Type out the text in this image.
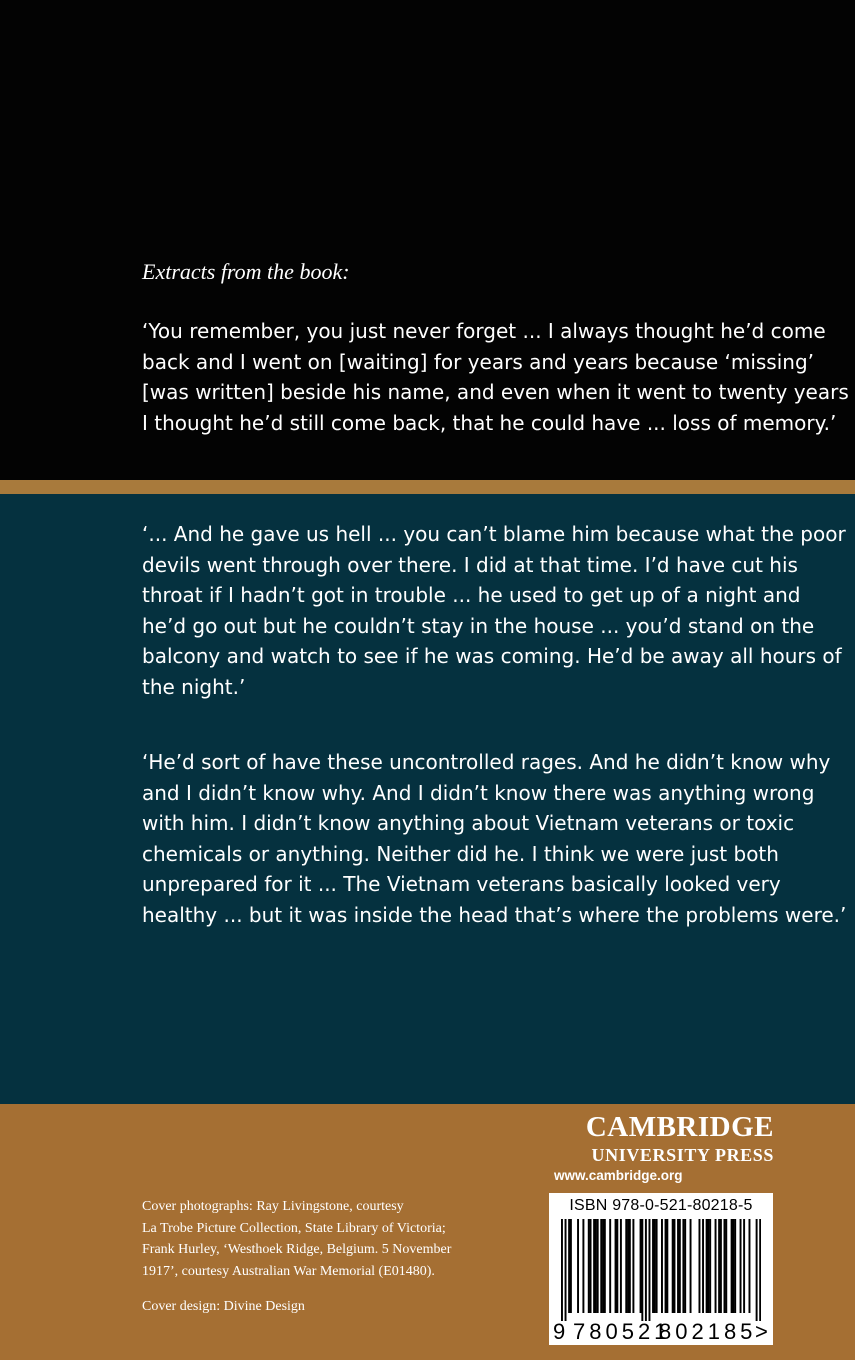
Extracts from the book:
‘You remember, you just never forget ... I always thought he’d come
back and I went on [waiting] for years and years because ‘missing’
[was written] beside his name, and even when it went to twenty years
I thought he’d still come back, that he could have ... loss of memory.’
‘... And he gave us hell ... you can’t blame him because what the poor
devils went through over there. I did at that time. I’d have cut his
throat if I hadn’t got in trouble ... he used to get up of a night and
he’d go out but he couldn’t stay in the house ... you’d stand on the
balcony and watch to see if he was coming. He’d be away all hours of
the night.’
‘He’d sort of have these uncontrolled rages. And he didn’t know why
and I didn’t know why. And I didn’t know there was anything wrong
with him. I didn’t know anything about Vietnam veterans or toxic
chemicals or anything. Neither did he. I think we were just both
unprepared for it ... The Vietnam veterans basically looked very
healthy ... but it was inside the head that’s where the problems were.’
Cover photographs: Ray Livingstone, courtesy
La Trobe Picture Collection, State Library of Victoria;
Frank Hurley, ‘Westhoek Ridge, Belgium. 5 November
1917’, courtesy Australian War Memorial (E01480).
Cover design: Divine Design
CAMBRIDGE
UNIVERSITY PRESS
www.cambridge.org
ISBN 978-0-521-80218-5
9 780521
802185
>
